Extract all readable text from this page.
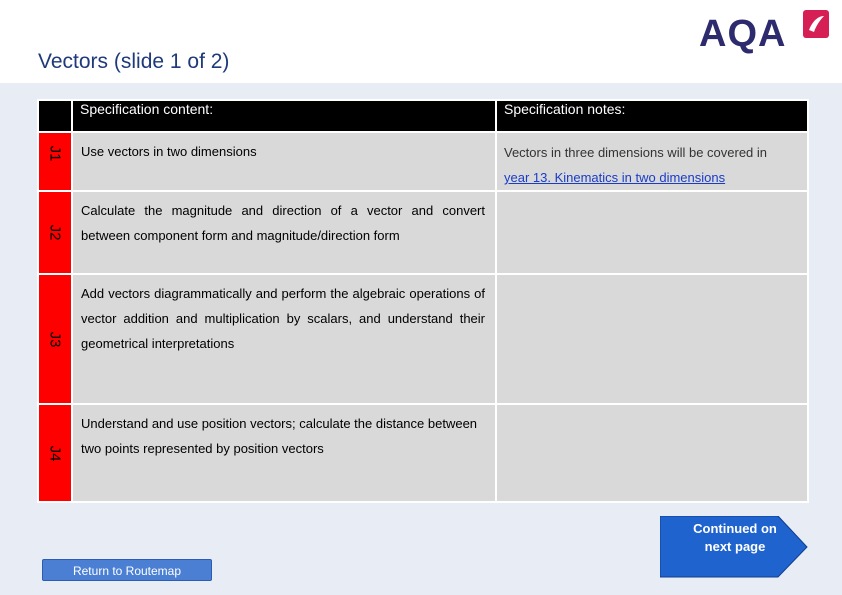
Vectors (slide 1 of 2)
AQA
	Specification content:	Specification notes:

J1	Use vectors in two dimensions	Vectors in three dimensions will be covered in
year 13. Kinematics in two dimensions

J2	Calculate the magnitude and direction of a vector and convert between component form and magnitude/direction form	

J3	Add vectors diagrammatically and perform the algebraic operations of vector addition and multiplication by scalars, and understand their geometrical interpretations	

J4	Understand and use position vectors; calculate the distance between two points represented by position vectors	

Return to Routemap
Continued on next page
